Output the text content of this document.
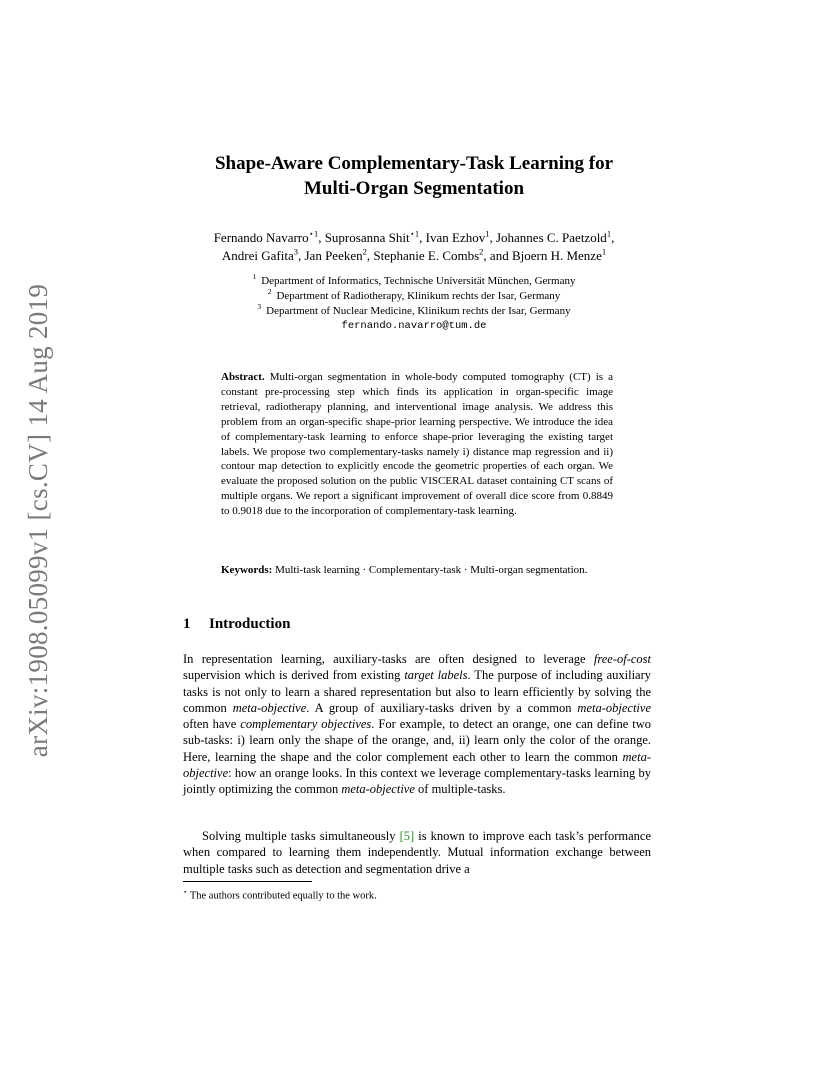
arXiv:1908.05099v1 [cs.CV] 14 Aug 2019
Shape-Aware Complementary-Task Learning for
Multi-Organ Segmentation
Fernando Navarro$^{⋆1}$, Suprosanna Shit$^{⋆1}$, Ivan Ezhov$^1$, Johannes C. Paetzold$^1$,
Andrei Gafita$^3$, Jan Peeken$^2$, Stephanie E. Combs$^2$, and Bjoern H. Menze$^1$
$^1$ Department of Informatics, Technische Universität München, Germany
$^2$ Department of Radiotherapy, Klinikum rechts der Isar, Germany
$^3$ Department of Nuclear Medicine, Klinikum rechts der Isar, Germany
fernando.navarro@tum.de
Abstract. Multi-organ segmentation in whole-body computed tomography (CT) is a constant pre-processing step which finds its application in organ-specific image retrieval, radiotherapy planning, and interventional image analysis. We address this problem from an organ-specific shape-prior learning perspective. We introduce the idea of complementary-task learning to enforce shape-prior leveraging the existing target labels. We propose two complementary-tasks namely i) distance map regression and ii) contour map detection to explicitly encode the geometric properties of each organ. We evaluate the proposed solution on the public VISCERAL dataset containing CT scans of multiple organs. We report a significant improvement of overall dice score from 0.8849 to 0.9018 due to the incorporation of complementary-task learning.
Keywords: Multi-task learning · Complementary-task · Multi-organ segmentation.
1 Introduction

In representation learning, auxiliary-tasks are often designed to leverage free-of-cost supervision which is derived from existing target labels. The purpose of including auxiliary tasks is not only to learn a shared representation but also to learn efficiently by solving the common meta-objective. A group of auxiliary-tasks driven by a common meta-objective often have complementary objectives. For example, to detect an orange, one can define two sub-tasks: i) learn only the shape of the orange, and, ii) learn only the color of the orange. Here, learning the shape and the color complement each other to learn the common meta-objective: how an orange looks. In this context we leverage complementary-tasks learning by jointly optimizing the common meta-objective of multiple-tasks.

Solving multiple tasks simultaneously [5] is known to improve each task’s performance when compared to learning them independently. Mutual information exchange between multiple tasks such as detection and segmentation drive a

⋆ The authors contributed equally to the work.
